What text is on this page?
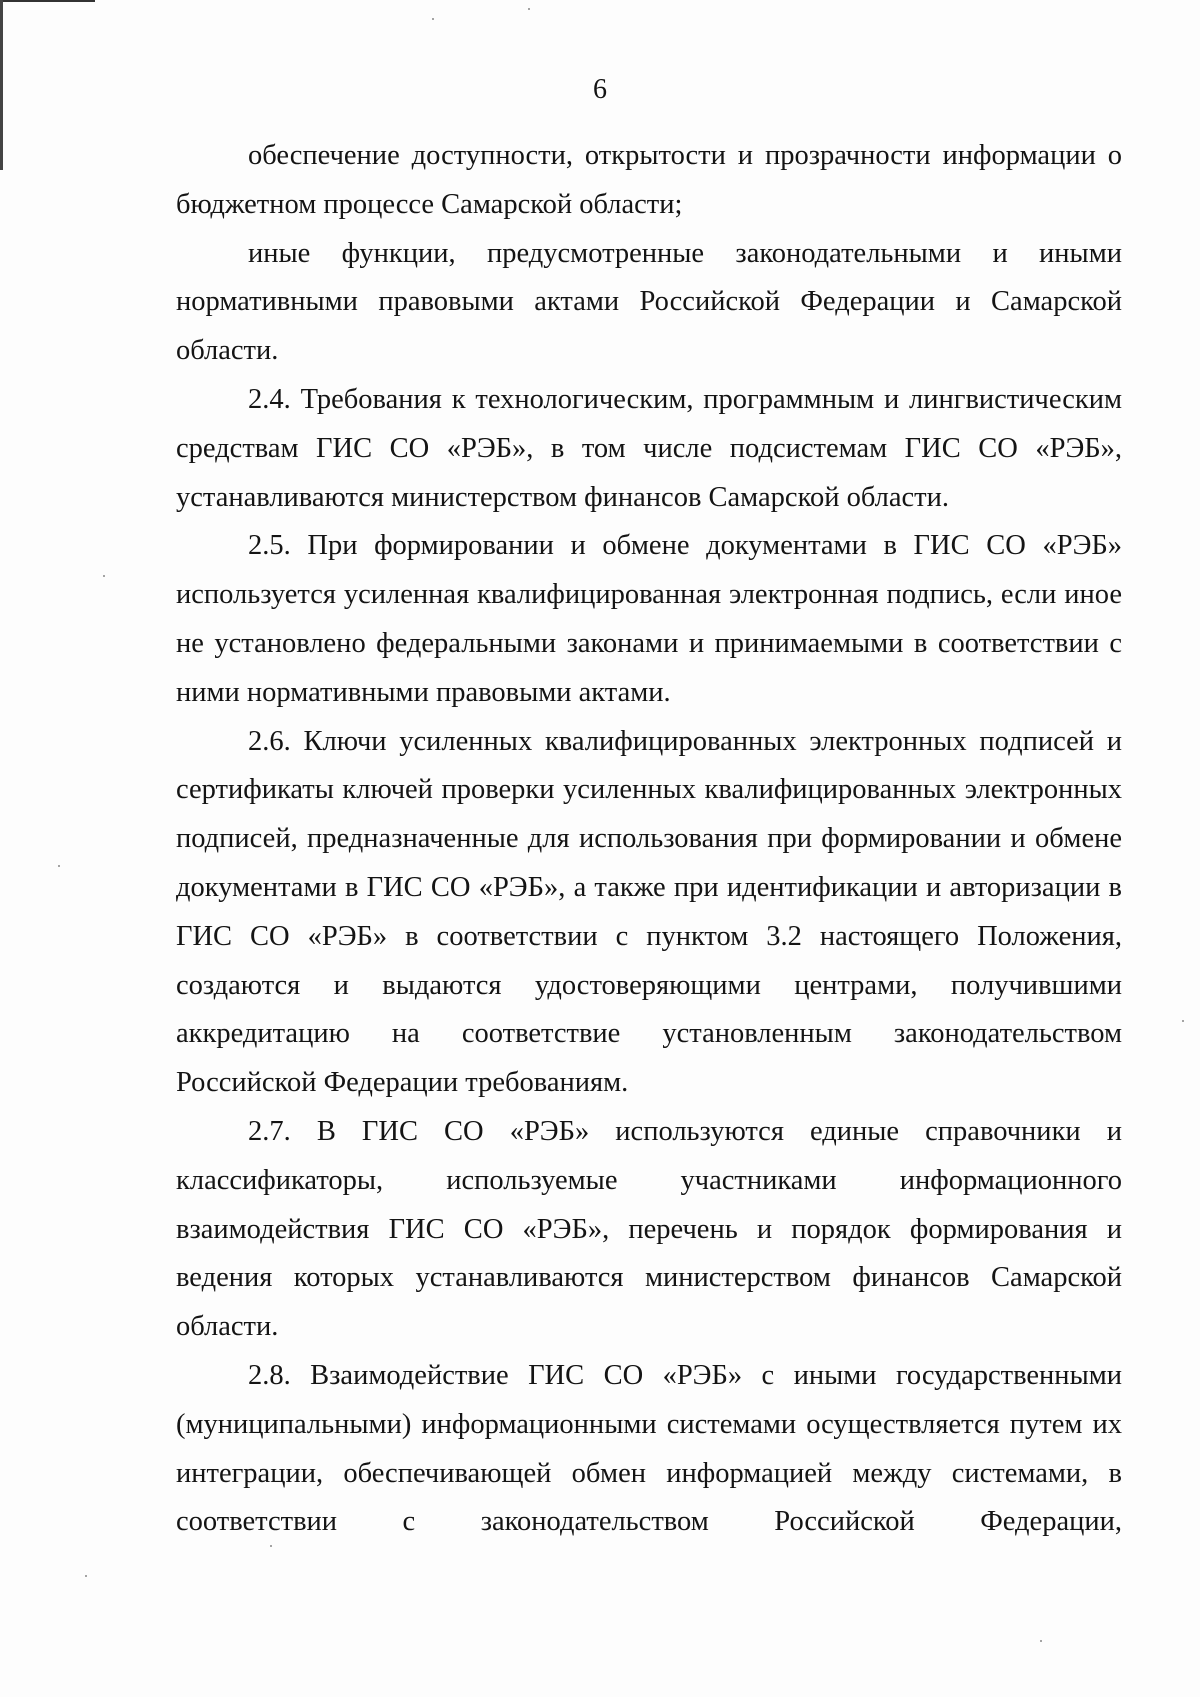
6

обеспечение доступности, открытости и прозрачности информации о бюджетном процессе Самарской области;

иные функции, предусмотренные законодательными и иными нормативными правовыми актами Российской Федерации и Самарской области.

2.4. Требования к технологическим, программным и лингвистическим средствам ГИС СО «РЭБ», в том числе подсистемам ГИС СО «РЭБ», устанавливаются министерством финансов Самарской области.

2.5. При формировании и обмене документами в ГИС СО «РЭБ» используется усиленная квалифицированная электронная подпись, если иное не установлено федеральными законами и принимаемыми в соответствии с ними нормативными правовыми актами.

2.6. Ключи усиленных квалифицированных электронных подписей и сертификаты ключей проверки усиленных квалифицированных электронных подписей, предназначенные для использования при формировании и обмене документами в ГИС СО «РЭБ», а также при идентификации и авторизации в ГИС СО «РЭБ» в соответствии с пунктом 3.2 настоящего Положения, создаются и выдаются удостоверяющими центрами, получившими аккредитацию на соответствие установленным законодательством Российской Федерации требованиям.

2.7. В ГИС СО «РЭБ» используются единые справочники и классификаторы, используемые участниками информационного взаимодействия ГИС СО «РЭБ», перечень и порядок формирования и ведения которых устанавливаются министерством финансов Самарской области.

2.8. Взаимодействие ГИС СО «РЭБ» с иными государственными (муниципальными) информационными системами осуществляется путем их интеграции, обеспечивающей обмен информацией между системами, в соответствии с законодательством Российской Федерации,
